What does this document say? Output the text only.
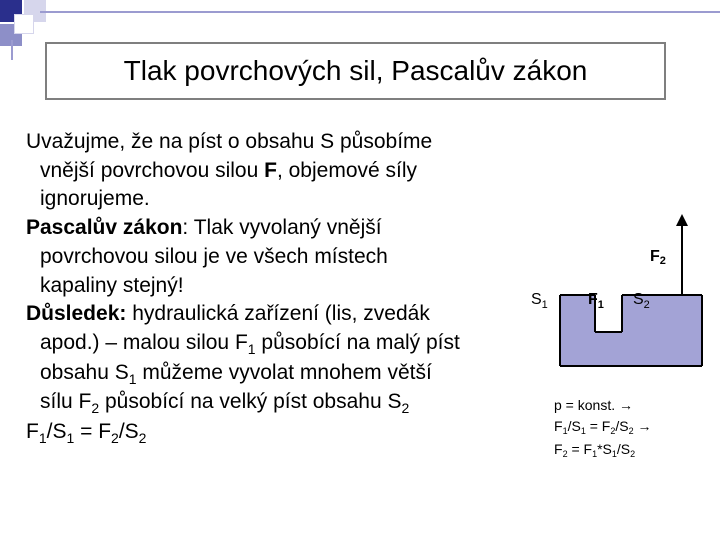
Tlak povrchových sil, Pascalův zákon
Uvažujme, že na píst o obsahu S působíme
vnější povrchovou silou F, objemové síly
ignorujeme.
Pascalův zákon: Tlak vyvolaný vnější
povrchovou silou je ve všech místech
kapaliny stejný!
Důsledek: hydraulická zařízení (lis, zvedák
apod.) – malou silou $F_1$ působící na malý píst
obsahu $S_1$ můžeme vyvolat mnohem větší
sílu $F_2$ působící na velký píst obsahu $S_2$
$F_1/S_1 = F_2/S_2$
F2
$S_1$	$F_1$ $S_2$
p = konst. →
$F_1/S_1 = F_2/S_2$ →
$F_2 = F_1*S_1/S_2$
